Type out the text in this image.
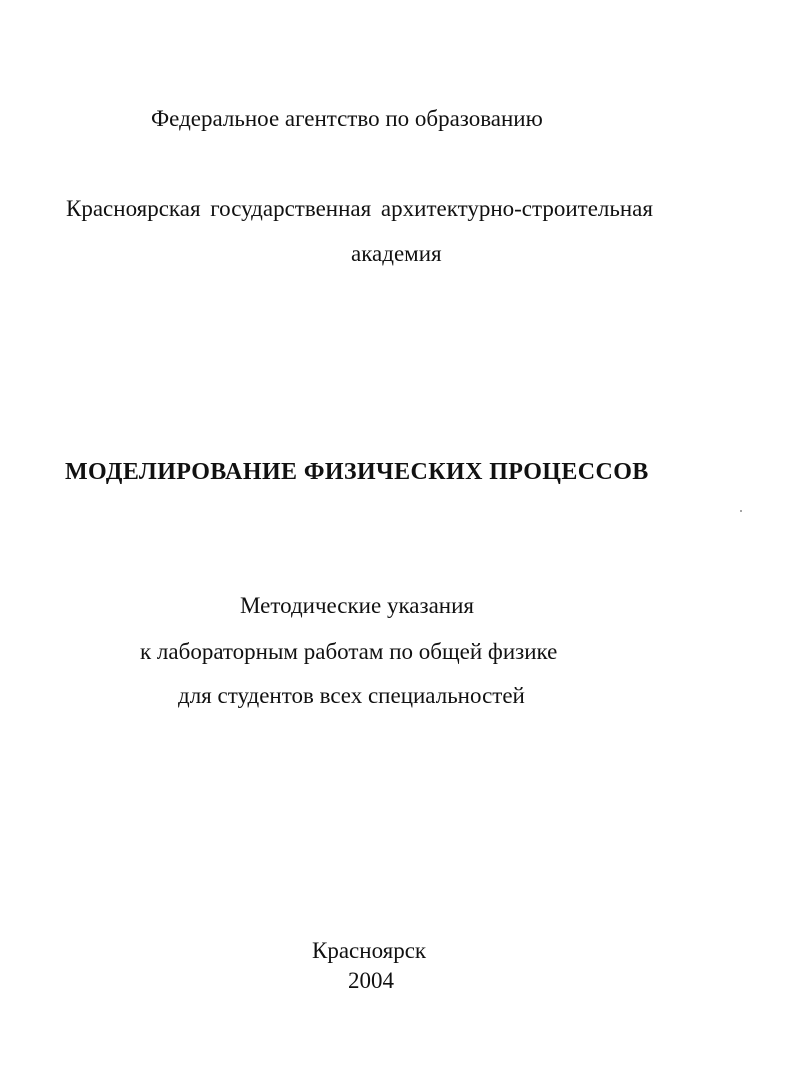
Федеральное агентство по образованию
Красноярская государственная архитектурно-строительная
академия
МОДЕЛИРОВАНИЕ ФИЗИЧЕСКИХ ПРОЦЕССОВ
Методические указания
к лабораторным работам по общей физике
для студентов всех специальностей
Красноярск
2004
